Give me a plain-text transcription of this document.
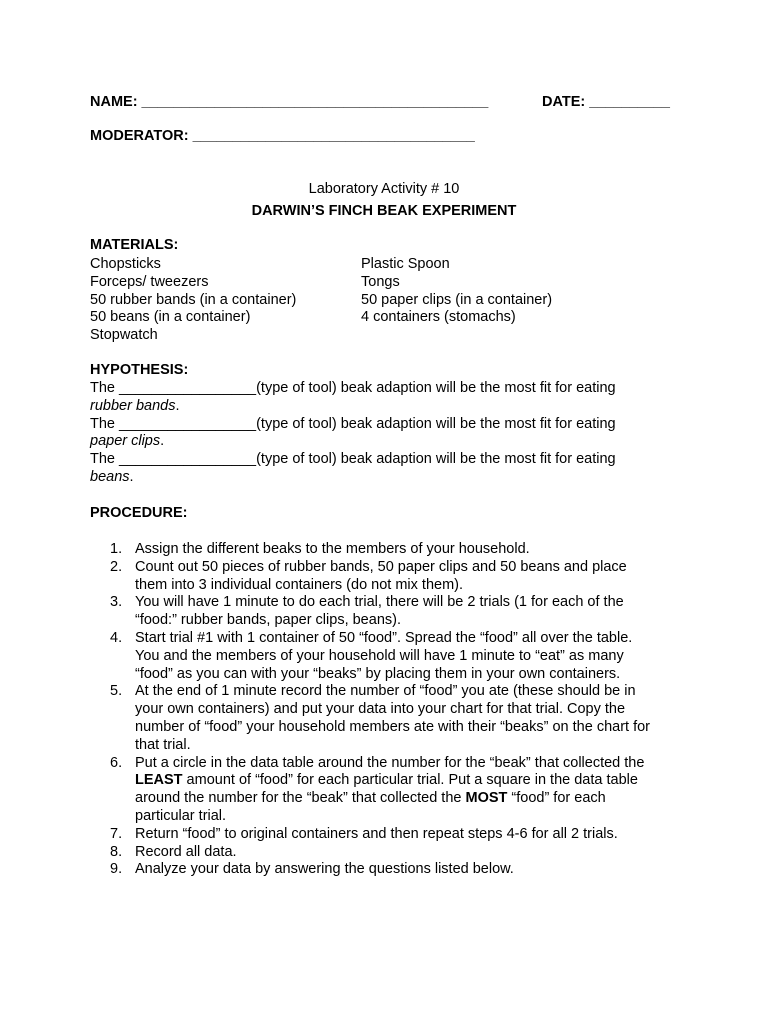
NAME: ___________________________________________	DATE: __________
MODERATOR: ___________________________________
Laboratory Activity # 10
DARWIN’S FINCH BEAK EXPERIMENT
MATERIALS:
Chopsticks	Plastic Spoon
Forceps/ tweezers	Tongs
50 rubber bands (in a container)	50 paper clips (in a container)
50 beans (in a container)	4 containers (stomachs)
Stopwatch
HYPOTHESIS:
The _________________(type of tool) beak adaption will be the most fit for eating
rubber bands.
The _________________(type of tool) beak adaption will be the most fit for eating
paper clips.
The _________________(type of tool) beak adaption will be the most fit for eating
beans.
PROCEDURE:
1. Assign the different beaks to the members of your household.
2. Count out 50 pieces of rubber bands, 50 paper clips and 50 beans and place
them into 3 individual containers (do not mix them).
3. You will have 1 minute to do each trial, there will be 2 trials (1 for each of the
“food:” rubber bands, paper clips, beans).
4. Start trial #1 with 1 container of 50 “food”. Spread the “food” all over the table.
You and the members of your household will have 1 minute to “eat” as many
“food” as you can with your “beaks” by placing them in your own containers.
5. At the end of 1 minute record the number of “food” you ate (these should be in
your own containers) and put your data into your chart for that trial. Copy the
number of “food” your household members ate with their “beaks” on the chart for
that trial.
6. Put a circle in the data table around the number for the “beak” that collected the
LEAST amount of “food” for each particular trial. Put a square in the data table
around the number for the “beak” that collected the MOST “food” for each
particular trial.
7. Return “food” to original containers and then repeat steps 4-6 for all 2 trials.
8. Record all data.
9. Analyze your data by answering the questions listed below.
